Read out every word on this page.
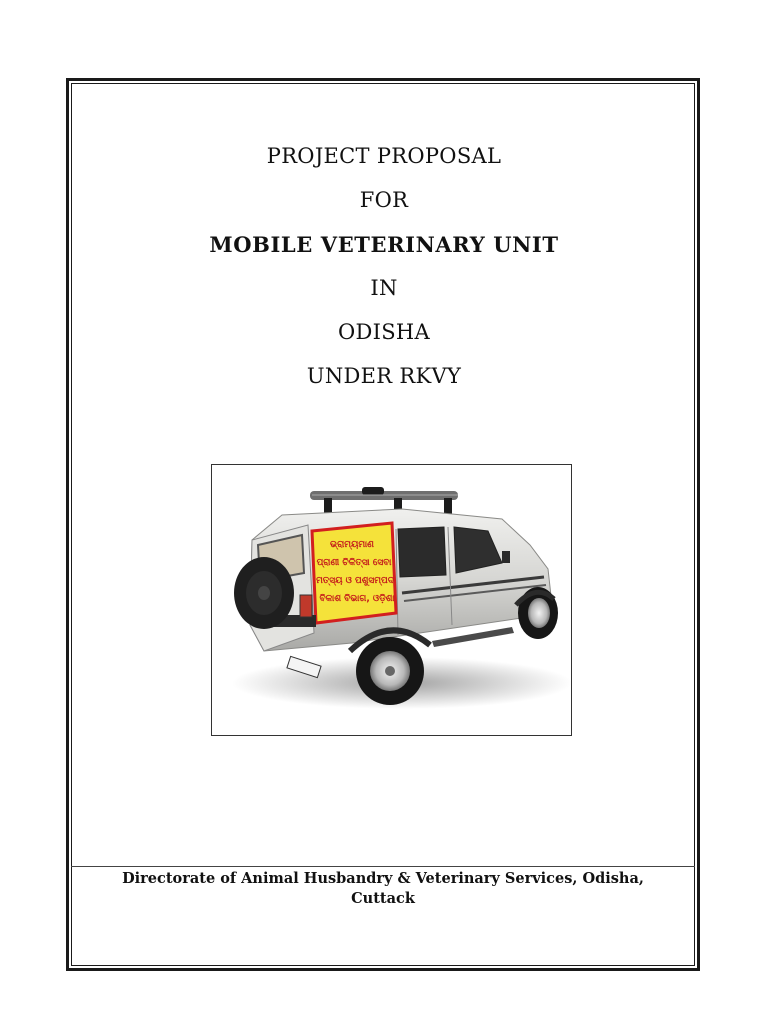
PROJECT PROPOSAL
FOR
MOBILE VETERINARY UNIT
IN
ODISHA
UNDER RKVY
ଭ୍ରାମ୍ୟମାଣ
ପ୍ରାଣୀ ଚିକିତ୍ସା ସେବା
ମତ୍ସ୍ୟ ଓ ପଶୁସମ୍ପଦ
ବିକାଶ ବିଭାଗ, ଓଡ଼ିଶା
Directorate of Animal Husbandry & Veterinary Services, Odisha,
Cuttack
